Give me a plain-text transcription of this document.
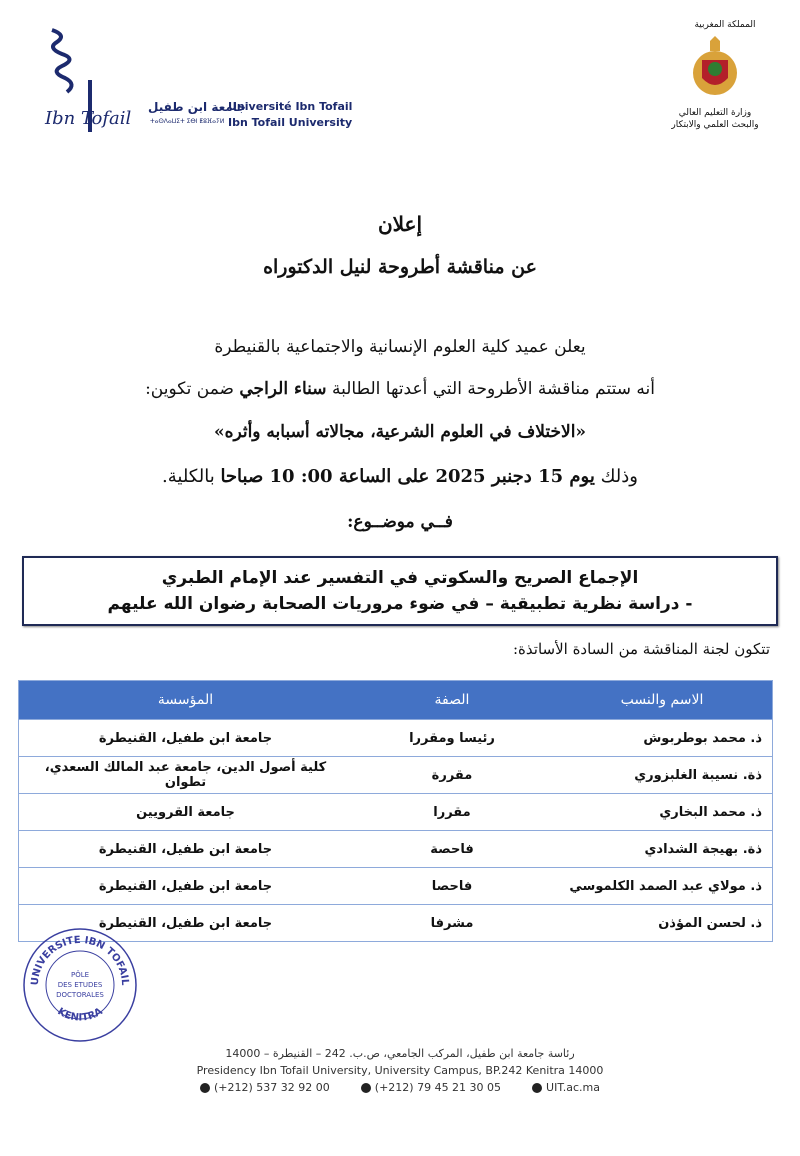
Ibn Tofail
جامعة ابن طفيل
Université Ibn Tofail
Ibn Tofail University
ⵜⴰⵙⴷⴰⵡⵉⵜ ⵉⴱⵏ ⵟⵓⴼⴰⵢⵍ
المملكة المغربية
وزارة التعليم العالي
والبحث العلمي والابتكار
إعلان
عن مناقشة أطروحة لنيل الدكتوراه
يعلن عميد كلية العلوم الإنسانية والاجتماعية بالقنيطرة
أنه ستتم مناقشة الأطروحة التي أعدتها الطالبة سناء الراجي ضمن تكوين:
«الاختلاف في العلوم الشرعية، مجالاته أسبابه وأثره»
وذلك يوم 15 دجنبر 2025 على الساعة 00: 10 صباحا بالكلية.
فــي موضــوع:
الإجماع الصريح والسكوتي في التفسير عند الإمام الطبري
- دراسة نظرية تطبيقية – في ضوء مروريات الصحابة رضوان الله عليهم
تتكون لجنة المناقشة من السادة الأساتذة:
الاسم والنسب	الصفة	المؤسسة
ذ. محمد بوطربوش	رئيسا ومقررا	جامعة ابن طفيل، القنيطرة
ذة. نسيبة الغلبزوري	مقررة	كلية أصول الدين، جامعة عبد المالك السعدي، تطوان
ذ. محمد البخاري	مقررا	جامعة القرويين
ذة. بهيجة الشدادي	فاحصة	جامعة ابن طفيل، القنيطرة
ذ. مولاي عبد الصمد الكلموسي	فاحصا	جامعة ابن طفيل، القنيطرة
ذ. لحسن المؤذن	مشرفا	جامعة ابن طفيل، القنيطرة
UNIVERSITE IBN TOFAIL
KENITRA
PÔLE
DES ETUDES
DOCTORALES
رئاسة جامعة ابن طفيل، المركب الجامعي، ص.ب. 242 – القنيطرة – 14000
Presidency Ibn Tofail University, University Campus, BP.242 Kenitra 14000
(+212) 537 32 92 00	(+212) 79 45 21 30 05	UIT.ac.ma
